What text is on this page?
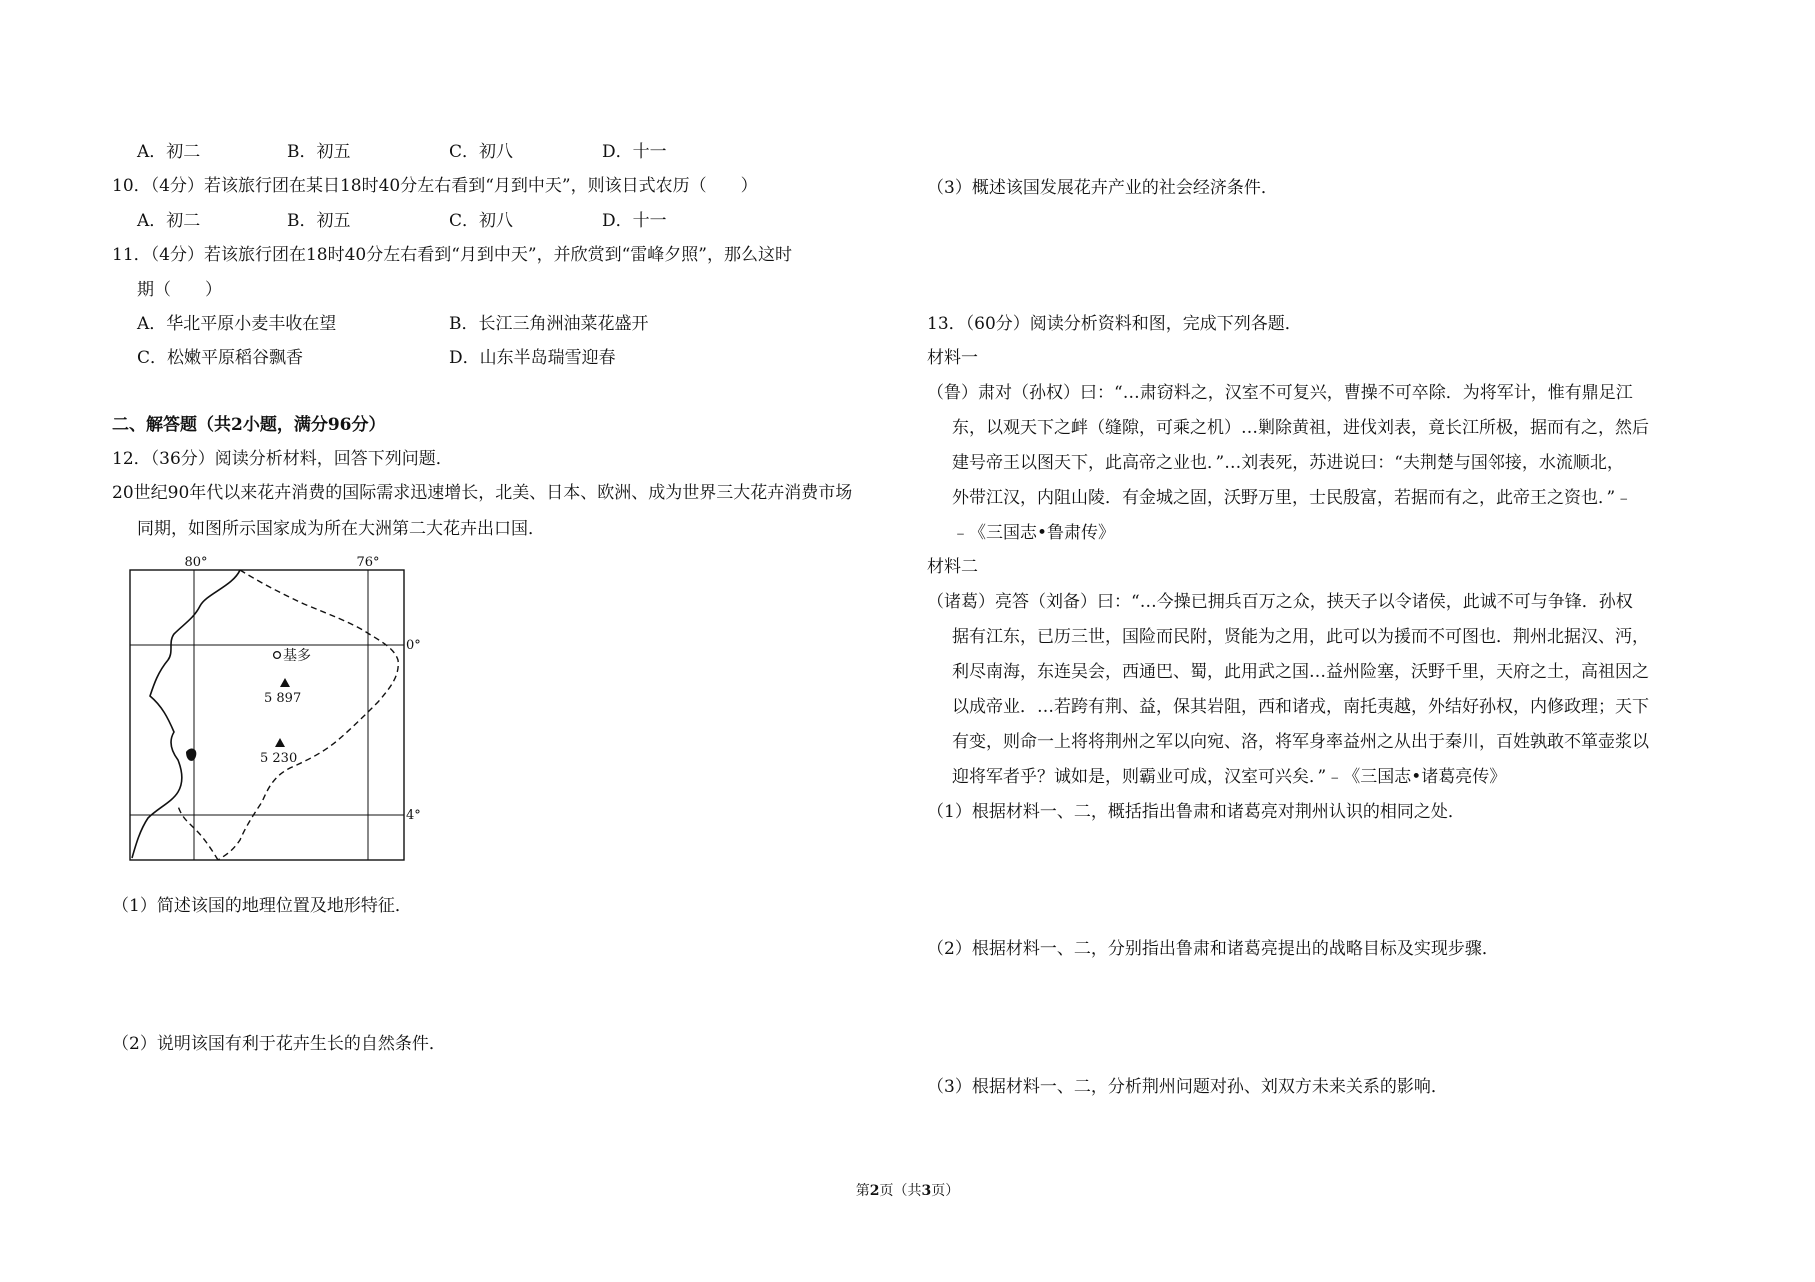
A．初二	B．初五	C．初八	D．十一
10．（4分）若该旅行团在某日18时40分左右看到“月到中天”，则该日式农历（　　）
A．初二	B．初五	C．初八	D．十一
11．（4分）若该旅行团在18时40分左右看到“月到中天”，并欣赏到“雷峰夕照”，那么这时
期（　　）
A．华北平原小麦丰收在望	B．长江三角洲油菜花盛开
C．松嫩平原稻谷飘香	D．山东半岛瑞雪迎春
二、解答题（共2小题，满分96分）
12．（36分）阅读分析材料，回答下列问题．
20世纪90年代以来花卉消费的国际需求迅速增长，北美、日本、欧洲、成为世界三大花卉消费市场
同期，如图所示国家成为所在大洲第二大花卉出口国．
80°	76°
0°
4°
基多
5 897
5 230
（1）简述该国的地理位置及地形特征．
（2）说明该国有利于花卉生长的自然条件．
（3）概述该国发展花卉产业的社会经济条件．
13．（60分）阅读分析资料和图，完成下列各题．
材料一
（鲁）肃对（孙权）曰：“…肃窃料之，汉室不可复兴，曹操不可卒除．为将军计，惟有鼎足江
东，以观天下之衅（缝隙，可乘之机）…剿除黄祖，进伐刘表，竟长江所极，据而有之，然后
建号帝王以图天下，此高帝之业也．”…刘表死，苏进说曰：“夫荆楚与国邻接，水流顺北，
外带江汉，内阻山陵．有金城之固，沃野万里，士民殷富，若据而有之，此帝王之资也．”﹣
﹣《三国志•鲁肃传》
材料二
（诸葛）亮答（刘备）曰：“…今操已拥兵百万之众，挟天子以令诸侯，此诚不可与争锋．孙权
据有江东，已历三世，国险而民附，贤能为之用，此可以为援而不可图也．荆州北据汉、沔，
利尽南海，东连吴会，西通巴、蜀，此用武之国…益州险塞，沃野千里，天府之土，高祖因之
以成帝业．…若跨有荆、益，保其岩阻，西和诸戎，南托夷越，外结好孙权，内修政理；天下
有变，则命一上将将荆州之军以向宛、洛，将军身率益州之从出于秦川，百姓孰敢不箪壶浆以
迎将军者乎？诚如是，则霸业可成，汉室可兴矣．”﹣《三国志•诸葛亮传》
（1）根据材料一、二，概括指出鲁肃和诸葛亮对荆州认识的相同之处．
（2）根据材料一、二，分别指出鲁肃和诸葛亮提出的战略目标及实现步骤．
（3）根据材料一、二，分析荆州问题对孙、刘双方未来关系的影响．
第2页（共3页）
